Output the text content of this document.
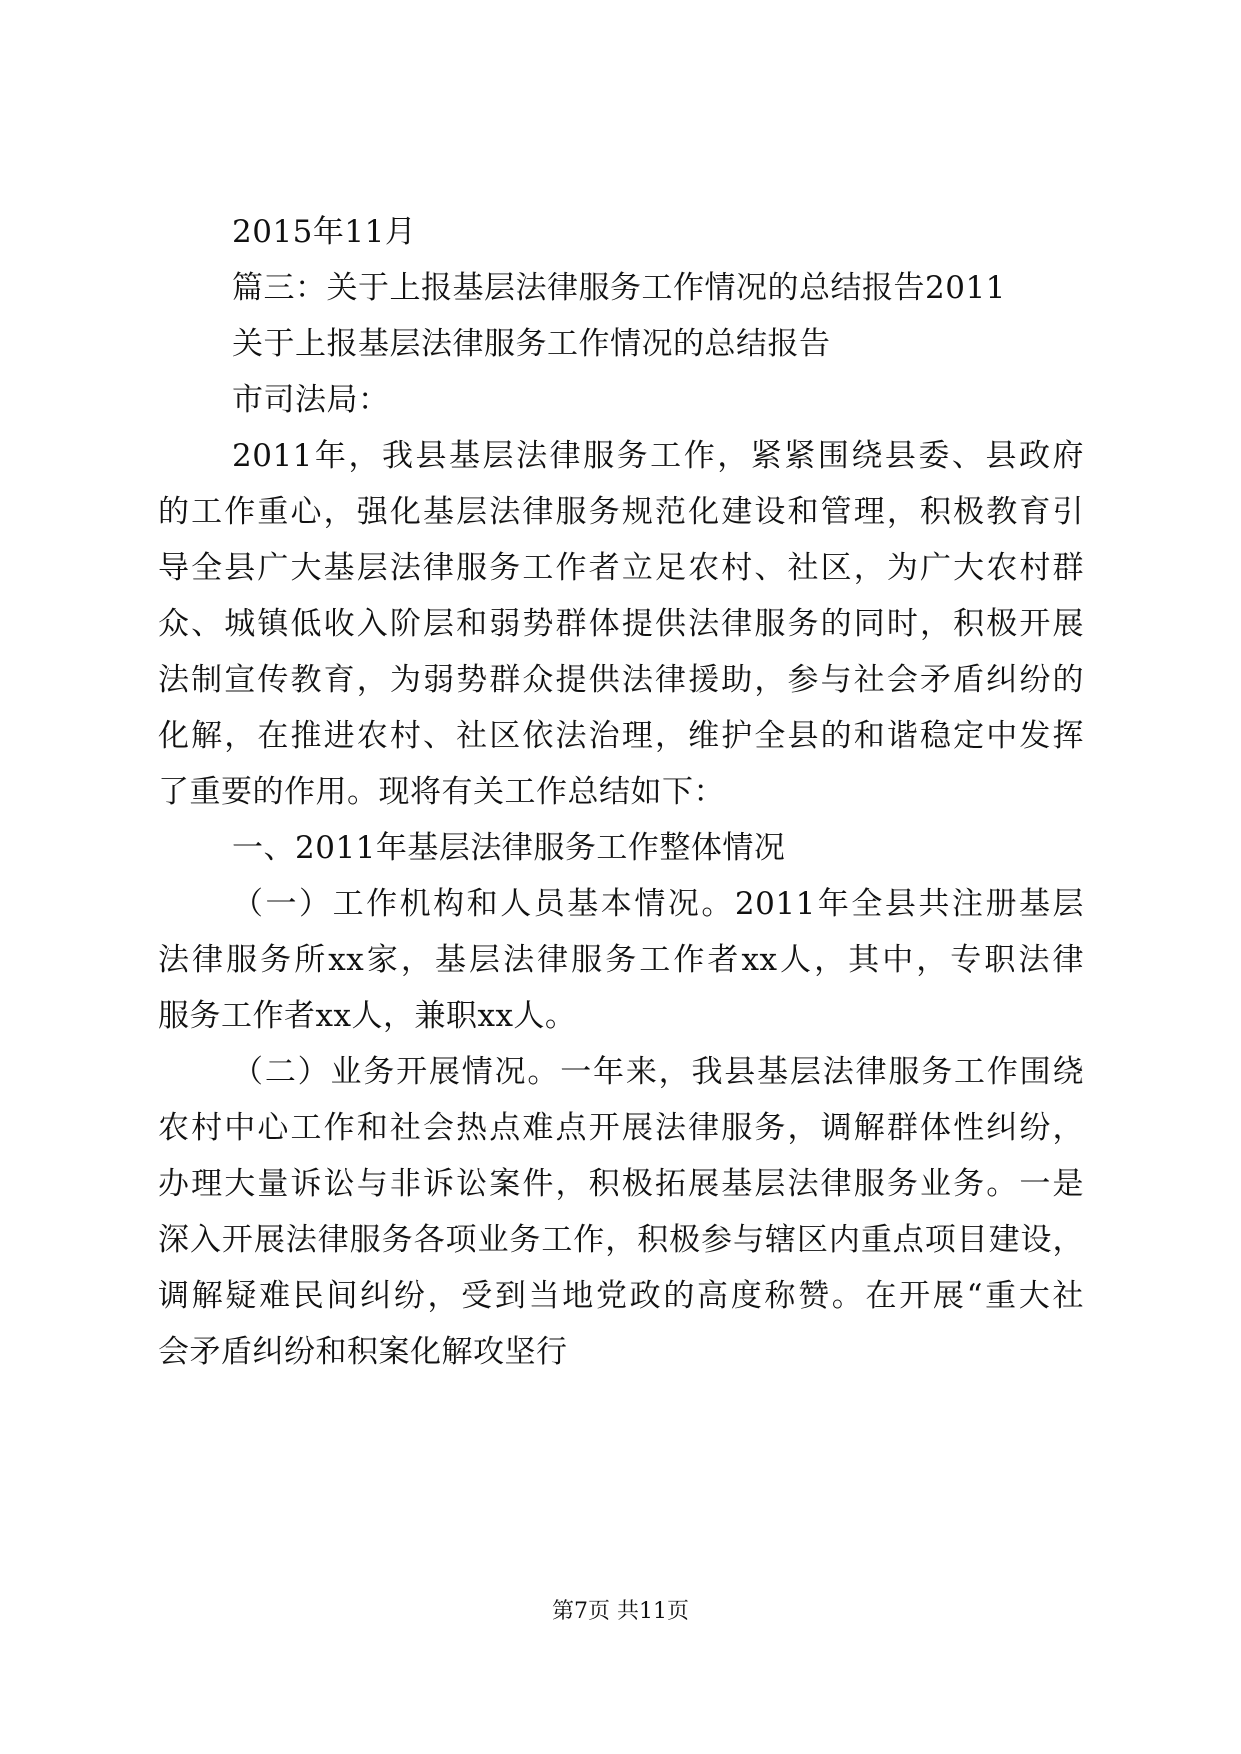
2015年11月
篇三：关于上报基层法律服务工作情况的总结报告2011
关于上报基层法律服务工作情况的总结报告
市司法局：
2011年，我县基层法律服务工作，紧紧围绕县委、县政府
的工作重心，强化基层法律服务规范化建设和管理，积极教育引
导全县广大基层法律服务工作者立足农村、社区，为广大农村群
众、城镇低收入阶层和弱势群体提供法律服务的同时，积极开展
法制宣传教育，为弱势群众提供法律援助，参与社会矛盾纠纷的
化解，在推进农村、社区依法治理，维护全县的和谐稳定中发挥
了重要的作用。现将有关工作总结如下：
一、2011年基层法律服务工作整体情况
（一）工作机构和人员基本情况。2011年全县共注册基层
法律服务所xx家，基层法律服务工作者xx人，其中，专职法律
服务工作者xx人，兼职xx人。
（二）业务开展情况。一年来，我县基层法律服务工作围绕
农村中心工作和社会热点难点开展法律服务，调解群体性纠纷，
办理大量诉讼与非诉讼案件，积极拓展基层法律服务业务。一是
深入开展法律服务各项业务工作，积极参与辖区内重点项目建设，
调解疑难民间纠纷，受到当地党政的高度称赞。在开展“重大社
会矛盾纠纷和积案化解攻坚行
第7页 共11页
